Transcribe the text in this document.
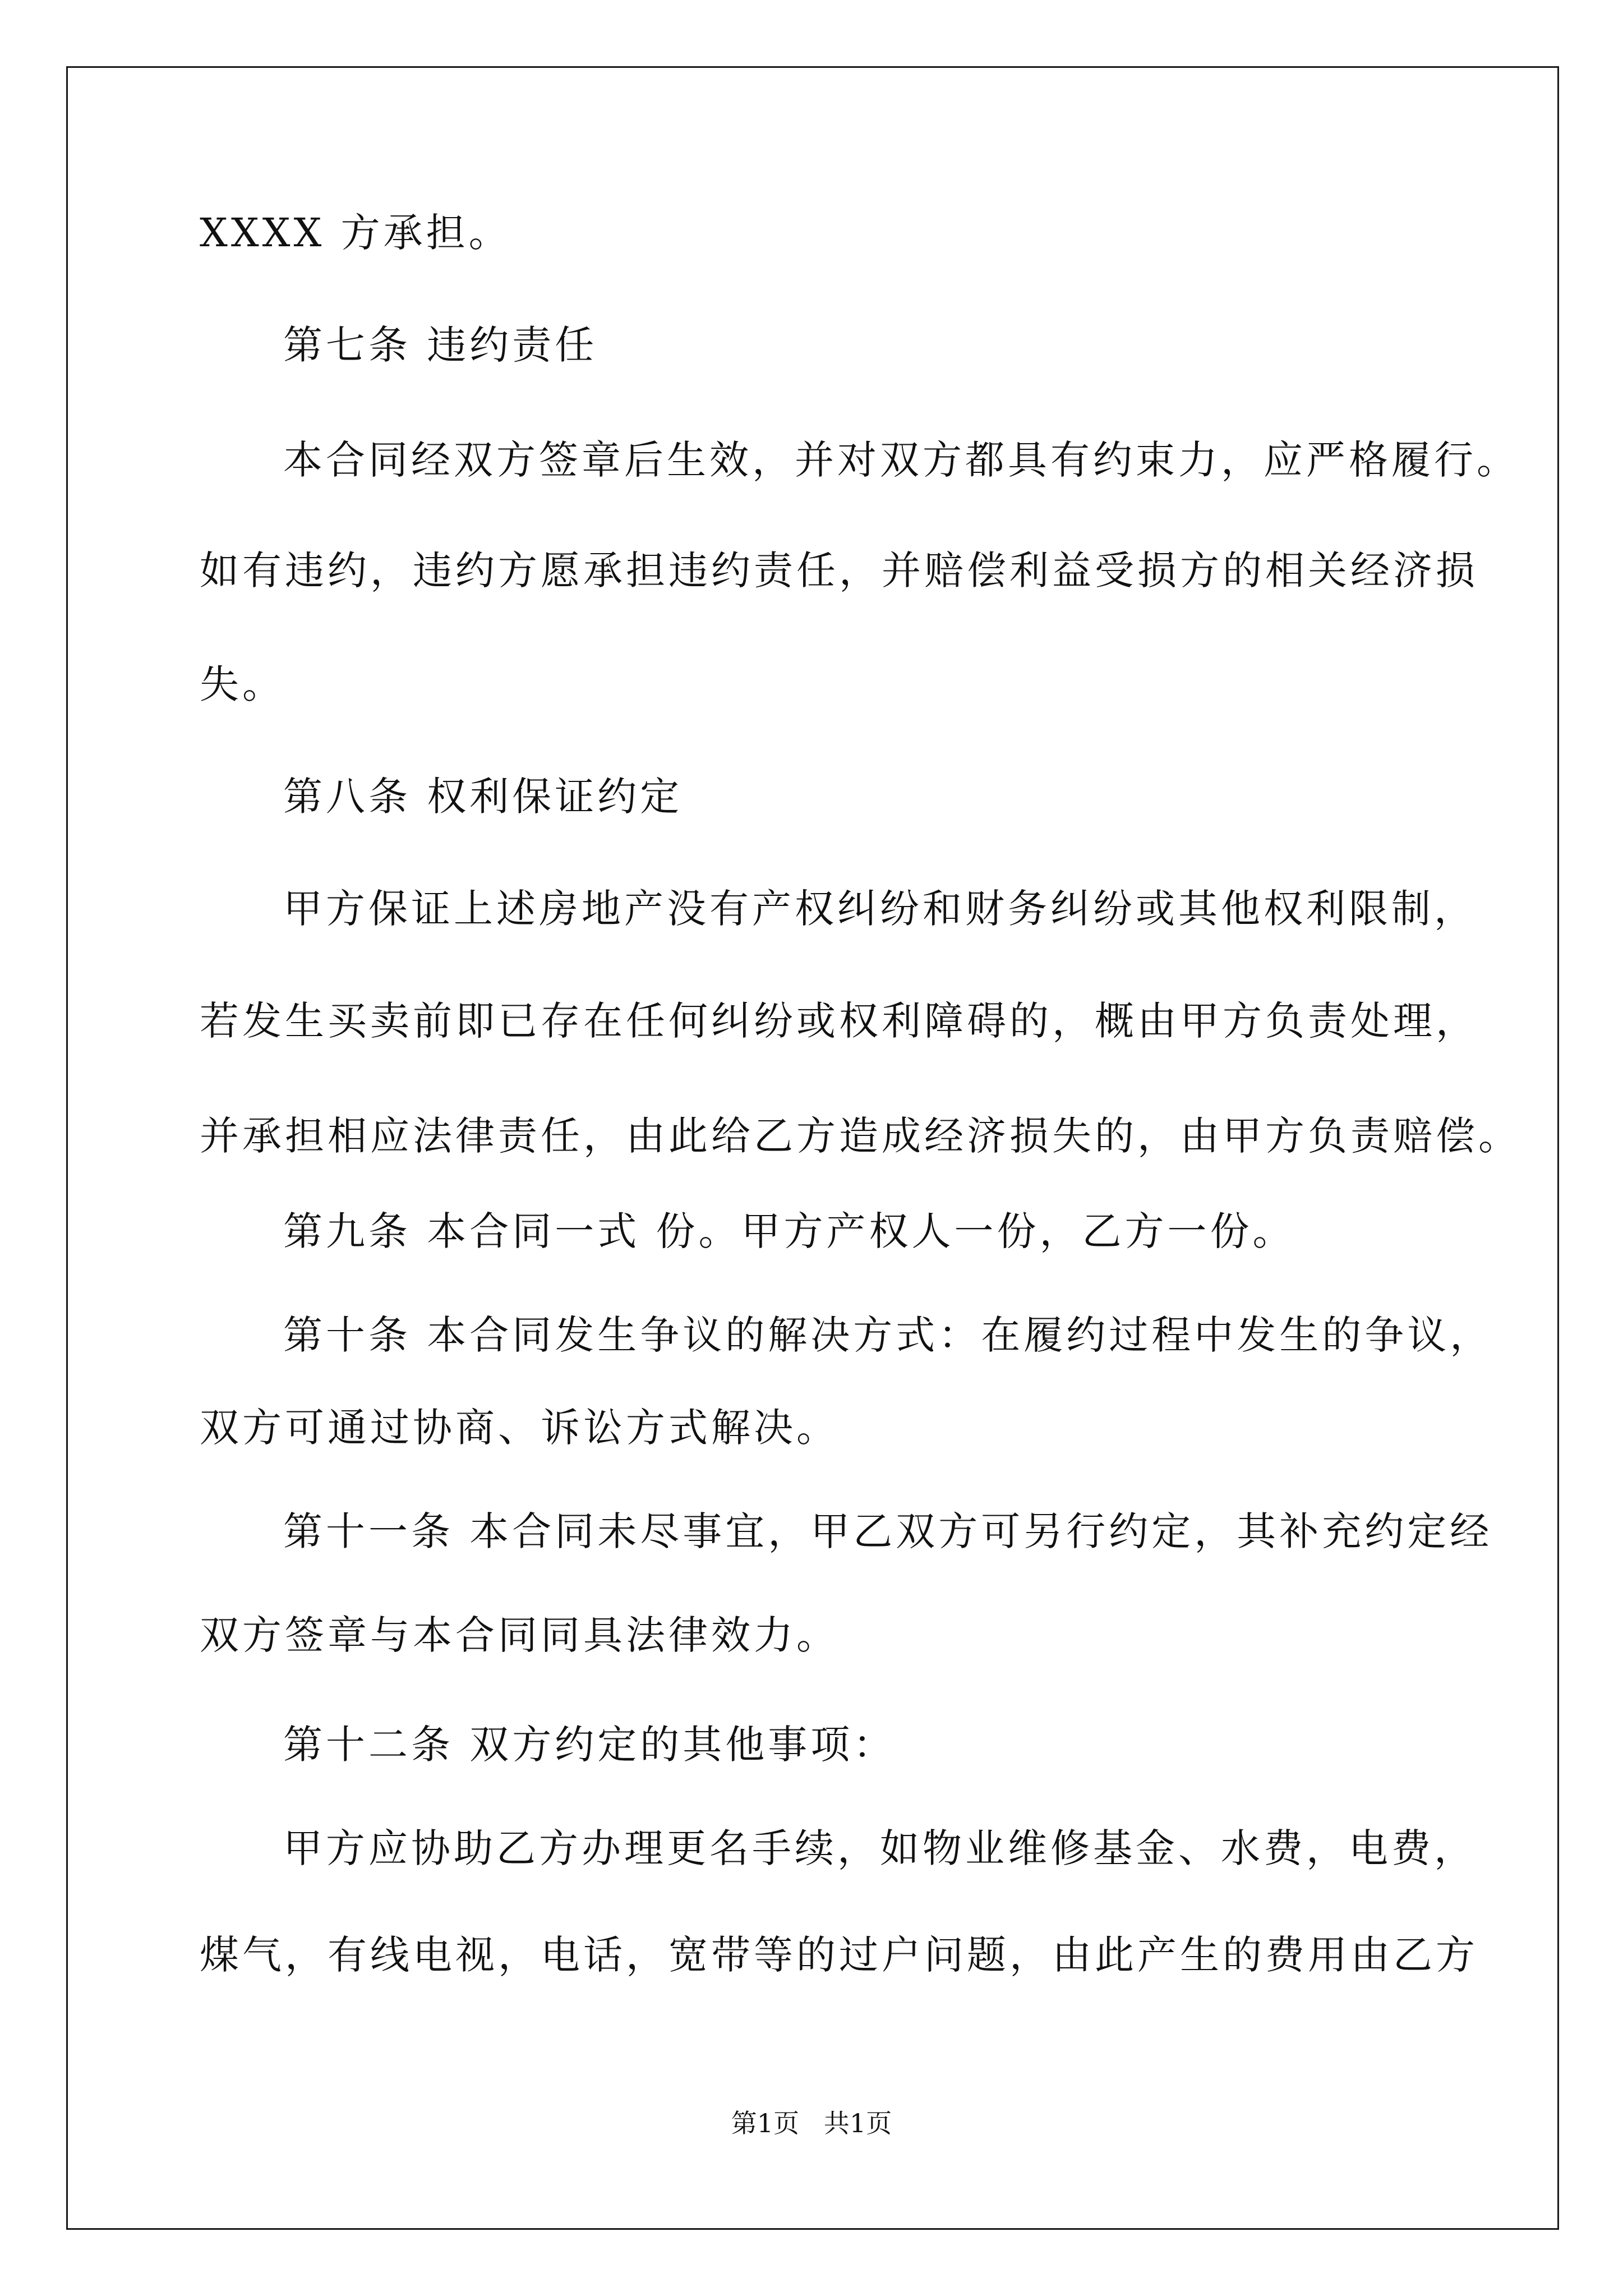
XXXX 方承担。
第七条 违约责任
本合同经双方签章后生效，并对双方都具有约束力，应严格履行。
如有违约，违约方愿承担违约责任，并赔偿利益受损方的相关经济损
失。
第八条 权利保证约定
甲方保证上述房地产没有产权纠纷和财务纠纷或其他权利限制，
若发生买卖前即已存在任何纠纷或权利障碍的，概由甲方负责处理，
并承担相应法律责任，由此给乙方造成经济损失的，由甲方负责赔偿。
第九条 本合同一式 份。甲方产权人一份，乙方一份。
第十条 本合同发生争议的解决方式：在履约过程中发生的争议，
双方可通过协商、诉讼方式解决。
第十一条 本合同未尽事宜，甲乙双方可另行约定，其补充约定经
双方签章与本合同同具法律效力。
第十二条 双方约定的其他事项：
甲方应协助乙方办理更名手续，如物业维修基金、水费，电费，
煤气，有线电视，电话，宽带等的过户问题，由此产生的费用由乙方
第1页   共1页
